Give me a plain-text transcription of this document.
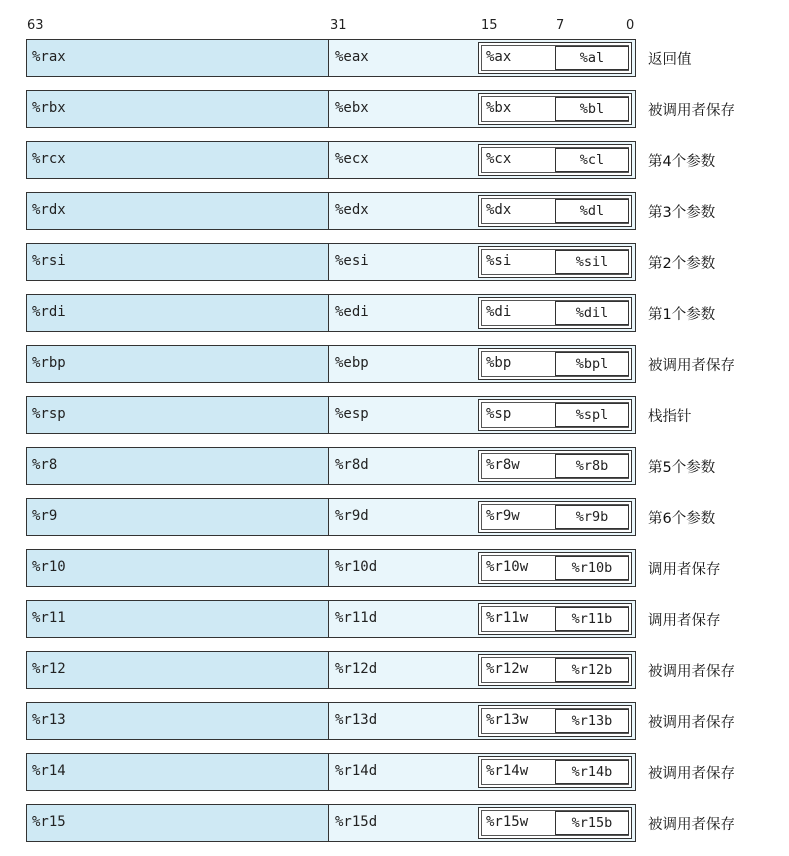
63	31	15	7	0
%rax	%eax	%ax	%al	返回值
%rbx	%ebx	%bx	%bl	被调用者保存
%rcx	%ecx	%cx	%cl	第4个参数
%rdx	%edx	%dx	%dl	第3个参数
%rsi	%esi	%si	%sil	第2个参数
%rdi	%edi	%di	%dil	第1个参数
%rbp	%ebp	%bp	%bpl	被调用者保存
%rsp	%esp	%sp	%spl	栈指针
%r8	%r8d	%r8w	%r8b	第5个参数
%r9	%r9d	%r9w	%r9b	第6个参数
%r10	%r10d	%r10w	%r10b	调用者保存
%r11	%r11d	%r11w	%r11b	调用者保存
%r12	%r12d	%r12w	%r12b	被调用者保存
%r13	%r13d	%r13w	%r13b	被调用者保存
%r14	%r14d	%r14w	%r14b	被调用者保存
%r15	%r15d	%r15w	%r15b	被调用者保存
